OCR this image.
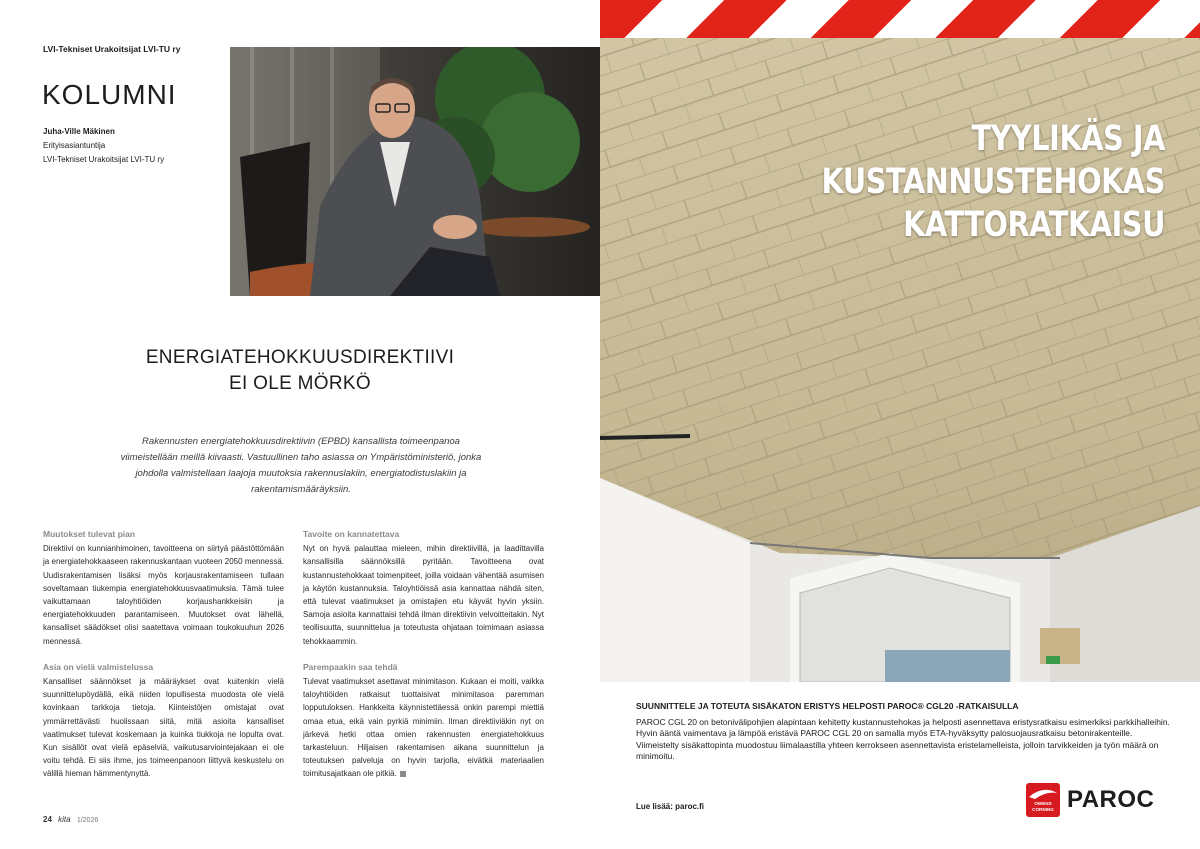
LVI-Tekniset Urakoitsijat LVI-TU ry
KOLUMNI
Juha-Ville Mäkinen
Erityisasiantuntija
LVI-Tekniset Urakoitsijat LVI-TU ry
ENERGIATEHOKKUUSDIREKTIIVI
EI OLE MÖRKÖ
Rakennusten energiatehokkuusdirektiivin (EPBD) kansallista toimeenpanoa viimeistellään meillä kiivaasti. Vastuullinen taho asiassa on Ympäristöministeriö, jonka johdolla valmistellaan laajoja muutoksia rakennuslakiin, energiatodistuslakiin ja rakentamismääräyksiin.
Muutokset tulevat pian

Direktiivi on kunnianhimoinen, tavoitteena on siirtyä päästöttömään ja energiatehokkaaseen rakennuskantaan vuoteen 2050 mennessä. Uudisrakentamisen lisäksi myös korjausrakentamiseen tullaan soveltamaan tiukempia energiatehokkuusvaatimuksia. Tämä tulee vaikuttamaan taloyhtiöiden korjaushankkeisiin ja energiatehokkuuden parantamiseen. Muutokset ovat lähellä, kansalliset säädökset olisi saatettava voimaan toukokuuhun 2026 mennessä.

Asia on vielä valmistelussa

Kansalliset säännökset ja määräykset ovat kuitenkin vielä suunnittelupöydällä, eikä niiden lopullisesta muodosta ole vielä kovinkaan tarkkoja tietoja. Kiinteistöjen omistajat ovat ymmärrettävästi huolissaan siitä, mitä asioita kansalliset vaatimukset tulevat koskemaan ja kuinka tiukkoja ne lopulta ovat. Kun sisällöt ovat vielä epäselviä, vaikutusarviointejakaan ei ole voitu tehdä. Ei siis ihme, jos toimeenpanoon liittyvä keskustelu on välillä hieman hämmentynyttä.

Tavoite on kannatettava

Nyt on hyvä palauttaa mieleen, mihin direktiivillä, ja laadittavilla kansallisilla säännöksillä pyritään. Tavoitteena ovat kustannustehokkaat toimenpiteet, joilla voidaan vähentää asumisen ja käytön kustannuksia. Taloyhtiöissä asia kannattaa nähdä siten, että tulevat vaatimukset ja omistajien etu käyvät hyvin yksiin. Samoja asioita kannattaisi tehdä ilman direktiivin velvoitteitakin. Nyt teollisuutta, suunnittelua ja toteutusta ohjataan toimimaan asiassa tehokkaammin.

Parempaakin saa tehdä

Tulevat vaatimukset asettavat minimitason. Kukaan ei moiti, vaikka taloyhtiöiden ratkaisut tuottaisivat minimitasoa paremman lopputuloksen. Hankkeita käynnistettäessä onkin parempi miettiä omaa etua, eikä vain pyrkiä minimiin. Ilman direktiiviäkin nyt on järkevä hetki ottaa omien rakennusten energiatehokkuus tarkasteluun. Hiljaisen rakentamisen aikana suunnittelun ja toteutuksen palveluja on hyvin tarjolla, eivätkä materiaalien toimitusajatkaan ole pitkiä.

24 kita 1/2026
TYYLIKÄS JA
KUSTANNUSTEHOKAS
KATTORATKAISU
SUUNNITTELE JA TOTEUTA SISÄKATON ERISTYS HELPOSTI PAROC® CGL20 -RATKAISULLA

PAROC CGL 20 on betonivälipohjien alapintaan kehitetty kustannustehokas ja helposti asennettava eristysratkaisu esimerkiksi parkkihalleihin. Hyvin ääntä vaimentava ja lämpöä eristävä PAROC CGL 20 on samalla myös ETA-hyväksytty palosuojausratkaisu betonirakenteille. Viimeistelty sisäkattopinta muodostuu liimalaastilla yhteen kerrokseen asennettavista eristelamelleista, jolloin tarvikkeiden ja työn määrä on minimoitu.

Lue lisää: paroc.fi	OWENS
CORNING PAROC
